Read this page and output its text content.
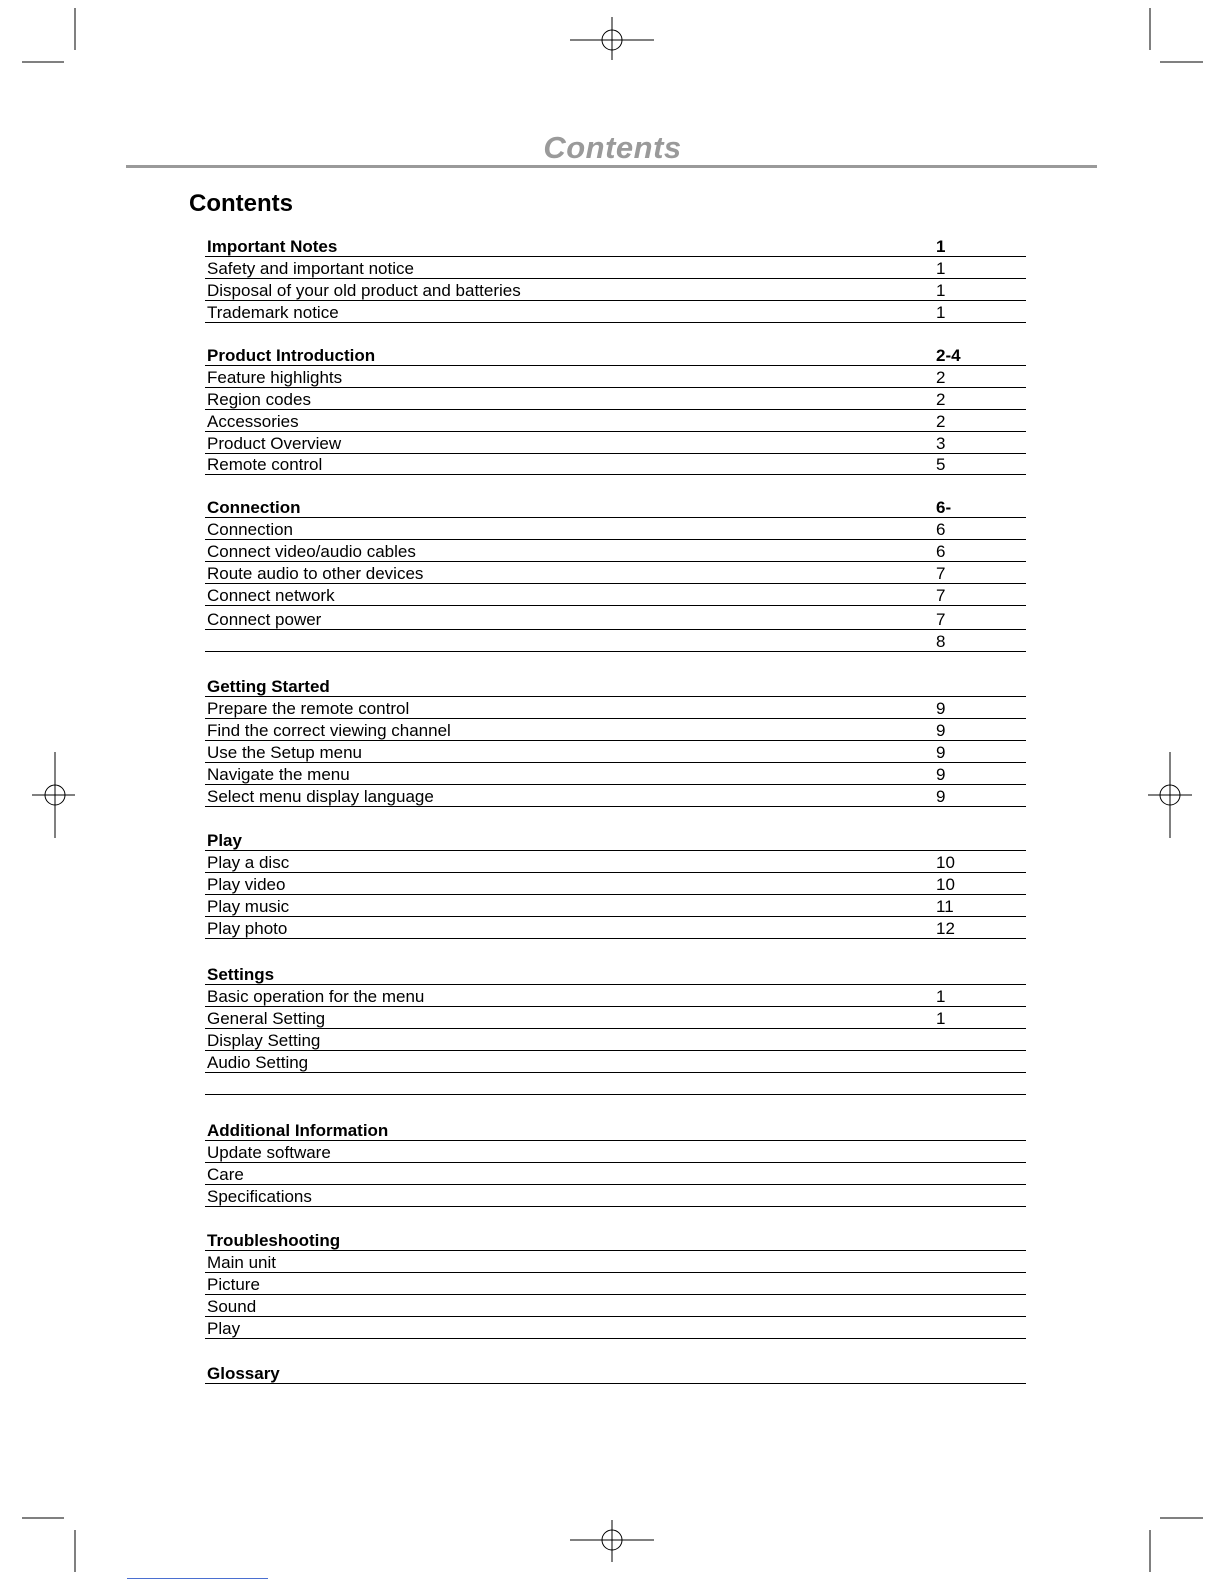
Contents
Contents
Important Notes	1
Safety and important notice	1
Disposal of your old product and batteries	1
Trademark notice	1
Product Introduction	2-4
Feature highlights	2
Region codes	2
Accessories	2
Product Overview	3
Remote control	5
Connection	6-
Connection	6
Connect video/audio cables	6
Route audio to other devices	7
Connect network	7
Connect power	7
8
Getting Started
Prepare the remote control	9
Find the correct viewing channel	9
Use the Setup menu	9
Navigate the menu	9
Select menu display language	9
Play
Play a disc	10
Play video	10
Play music	11
Play photo	12
Settings
Basic operation for the menu	1
General Setting	1
Display Setting
Audio Setting
Additional Information
Update software
Care
Specifications
Troubleshooting
Main unit
Picture
Sound
Play
Glossary
